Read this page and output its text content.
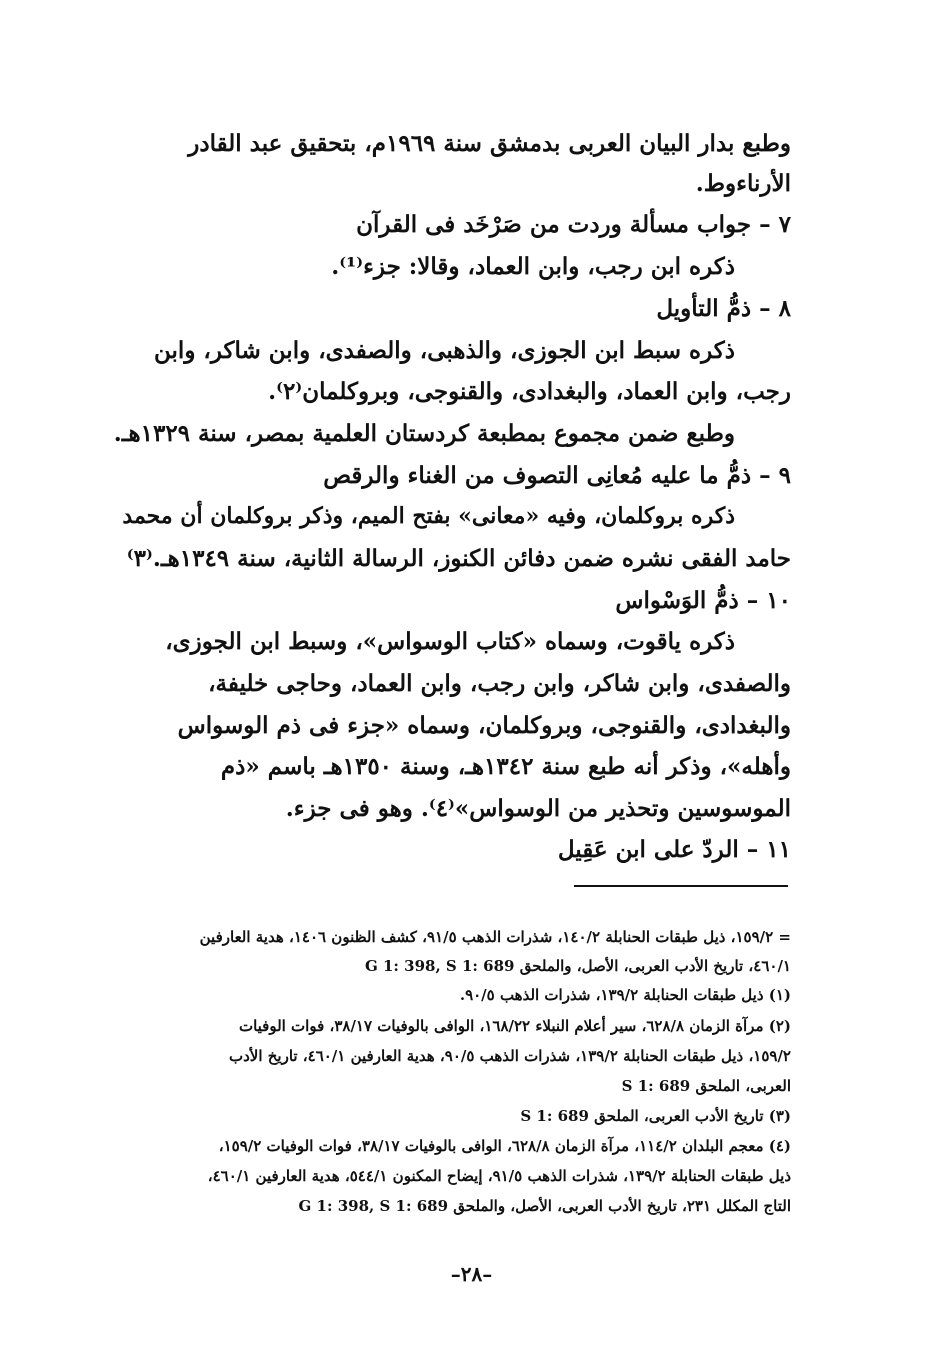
وطبع بدار البيان العربى بدمشق سنة ١٩٦٩م، بتحقيق عبد القادر

الأرناءوط.

٧ – جواب مسألة وردت من صَرْخَد فى القرآن

ذكره ابن رجب، وابن العماد، وقالا: جزء⁽¹⁾.

٨ – ذمُّ التأويل

ذكره سبط ابن الجوزى، والذهبى، والصفدى، وابن شاكر، وابن

رجب، وابن العماد، والبغدادى، والقنوجى، وبروكلمان⁽٢⁾.

وطبع ضمن مجموع بمطبعة كردستان العلمية بمصر، سنة ١٣٢٩هـ.

٩ – ذمُّ ما عليه مُعانِى التصوف من الغناء والرقص

ذكره بروكلمان، وفيه «معانى» بفتح الميم، وذكر بروكلمان أن محمد

حامد الفقى نشره ضمن دفائن الكنوز، الرسالة الثانية، سنة ١٣٤٩هـ.⁽٣⁾

١٠ – ذمُّ الوَسْواس

ذكره ياقوت، وسماه «كتاب الوسواس»، وسبط ابن الجوزى،

والصفدى، وابن شاكر، وابن رجب، وابن العماد، وحاجى خليفة،

والبغدادى، والقنوجى، وبروكلمان، وسماه «جزء فى ذم الوسواس

وأهله»، وذكر أنه طبع سنة ١٣٤٢هـ، وسنة ١٣٥٠هـ باسم «ذم

الموسوسين وتحذير من الوسواس»⁽٤⁾. وهو فى جزء.

١١ – الردّ على ابن عَقِيل

= ١٥٩/٢، ذيل طبقات الحنابلة ١٤٠/٢، شذرات الذهب ٩١/٥، كشف الظنون ١٤٠٦، هدية العارفين

٤٦٠/١، تاريخ الأدب العربى، الأصل، والملحق G 1: 398, S 1: 689

(١) ذيل طبقات الحنابلة ١٣٩/٢، شذرات الذهب ٩٠/٥.

(٢) مرآة الزمان ٦٢٨/٨، سير أعلام النبلاء ١٦٨/٢٢، الوافى بالوفيات ٣٨/١٧، فوات الوفيات

١٥٩/٢، ذيل طبقات الحنابلة ١٣٩/٢، شذرات الذهب ٩٠/٥، هدية العارفين ٤٦٠/١، تاريخ الأدب

العربى، الملحق S 1: 689

(٣) تاريخ الأدب العربى، الملحق S 1: 689

(٤) معجم البلدان ١١٤/٢، مرآة الزمان ٦٢٨/٨، الوافى بالوفيات ٣٨/١٧، فوات الوفيات ١٥٩/٢،

ذيل طبقات الحنابلة ١٣٩/٢، شذرات الذهب ٩١/٥، إيضاح المكنون ٥٤٤/١، هدية العارفين ٤٦٠/١،

التاج المكلل ٢٣١، تاريخ الأدب العربى، الأصل، والملحق G 1: 398, S 1: 689

–٢٨–
